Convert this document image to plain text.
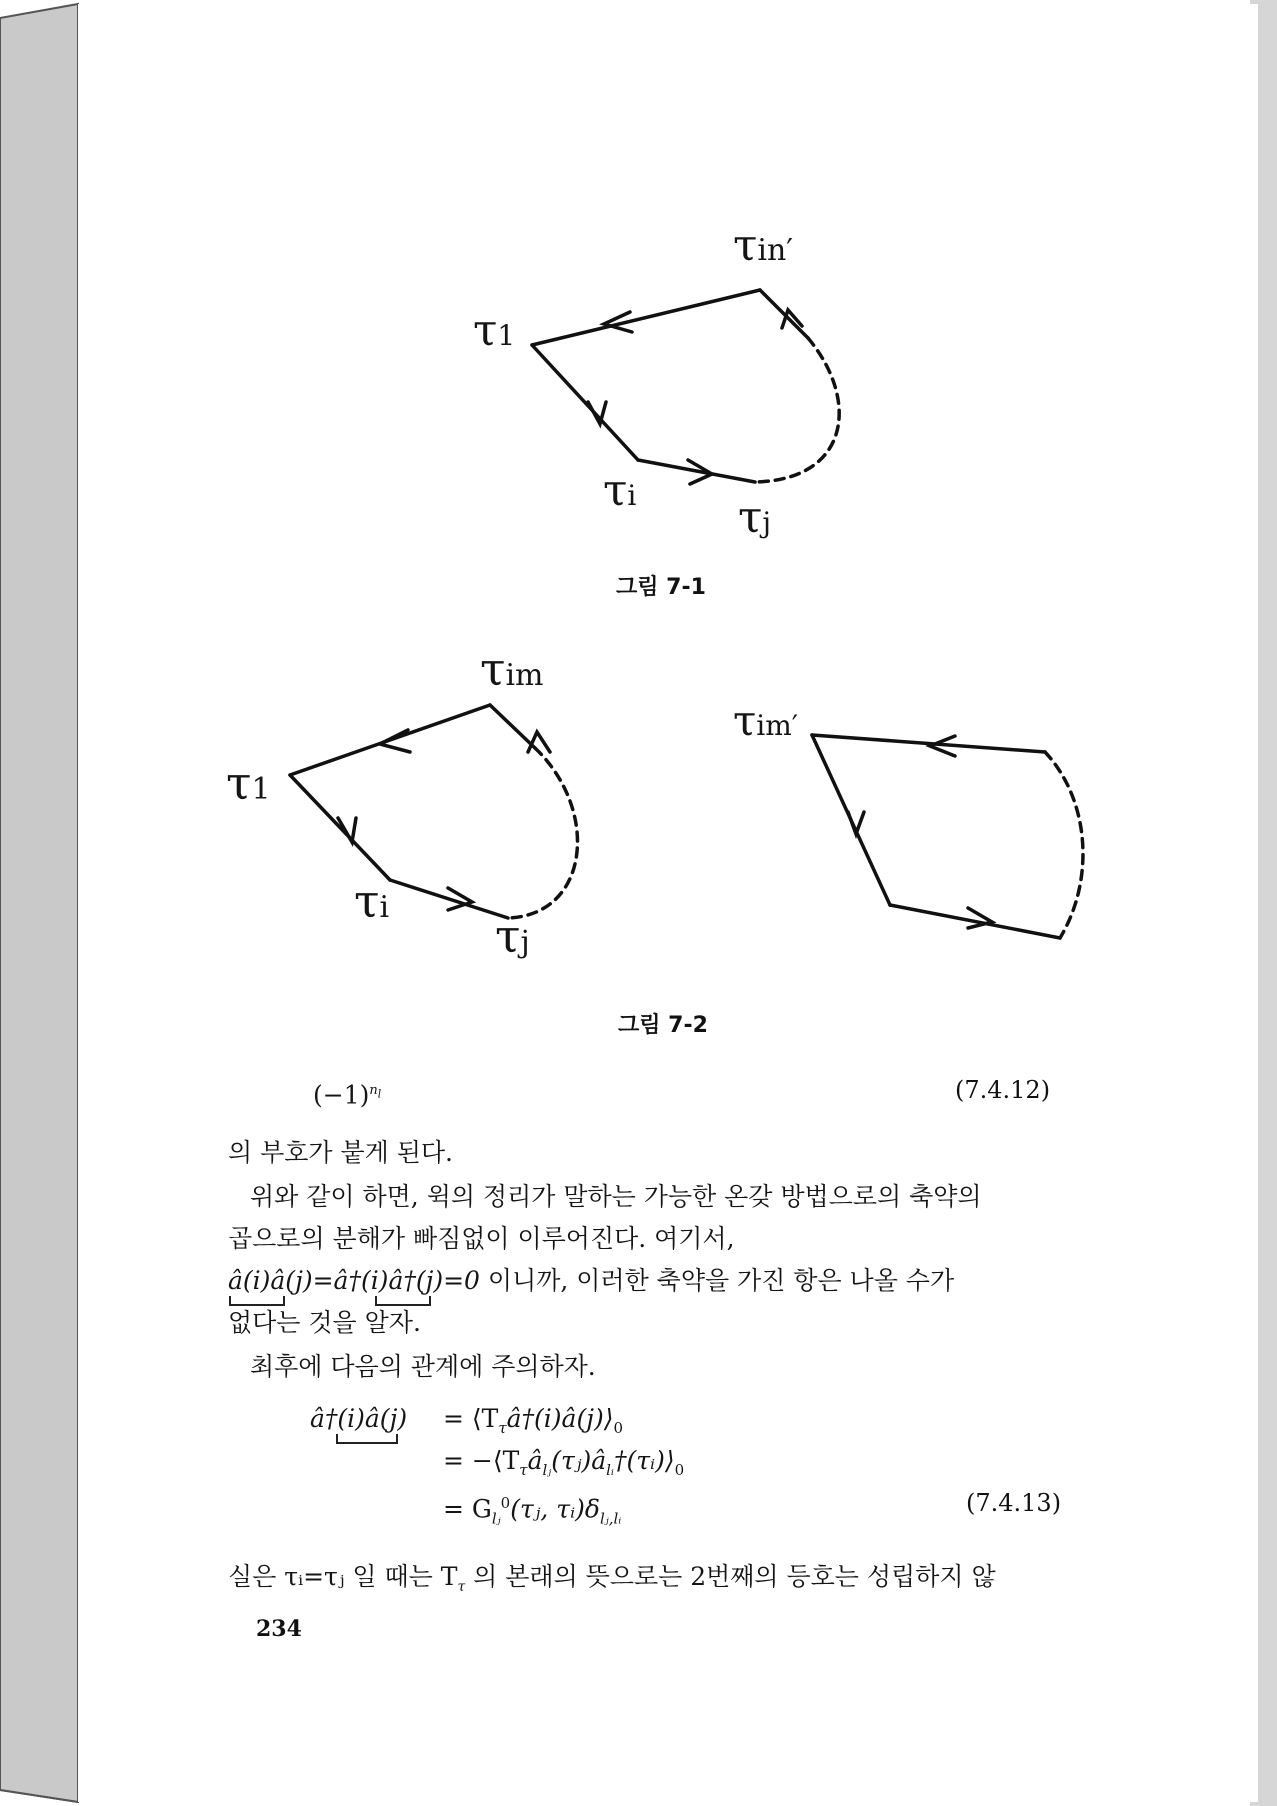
τ1
τin′
τi τj
그림 7-1
τ1
τim
τi
τj
τim′
그림 7-2
$(-1)^{n_l}$	(7.4.12)
의 부호가 붙게 된다.
위와 같이 하면, 윅의 정리가 말하는 가능한 온갖 방법으로의 축약의
곱으로의 분해가 빠짐없이 이루어진다. 여기서,
â(i)â(j)=â†(i)â†(j)=0 이니까, 이러한 축약을 가진 항은 나올 수가
없다는 것을 알자.
최후에 다음의 관계에 주의하자.
â†(i)â(j) = $⟨T_\tau â\dagger(i)â(j)⟩_0$
= $-⟨T_\tau â_{lⱼ}(\tau ⱼ)â_{lᵢ}\dagger(\tau ᵢ)⟩_0$
= $G_{lⱼ}^0(\tau ⱼ$, $\tau ᵢ)\delta_{lⱼ,lᵢ}$
(7.4.13)
실은 τᵢ=τⱼ 일 때는 $T_\tau$ 의 본래의 뜻으로는 2번째의 등호는 성립하지 않
234
